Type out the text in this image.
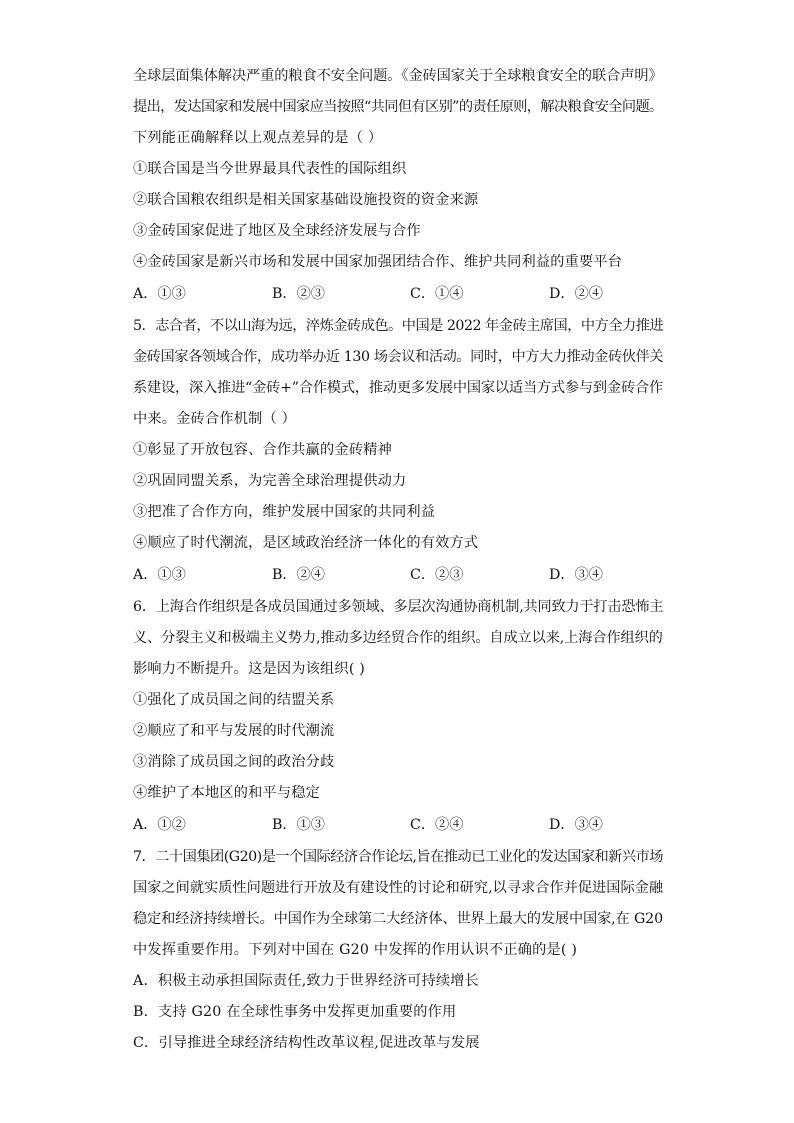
全球层面集体解决严重的粮食不安全问题。《金砖国家关于全球粮食安全的联合声明》
提出，发达国家和发展中国家应当按照“共同但有区别”的责任原则，解决粮食安全问题。
下列能正确解释以上观点差异的是（ ）
①联合国是当今世界最具代表性的国际组织
②联合国粮农组织是相关国家基础设施投资的资金来源
③金砖国家促进了地区及全球经济发展与合作
④金砖国家是新兴市场和发展中国家加强团结合作、维护共同利益的重要平台
A．①③	B．②③	C．①④	D．②④
5．志合者，不以山海为远，淬炼金砖成色。中国是 2022 年金砖主席国，中方全力推进
金砖国家各领域合作，成功举办近 130 场会议和活动。同时，中方大力推动金砖伙伴关
系建设，深入推进“金砖+”合作模式，推动更多发展中国家以适当方式参与到金砖合作
中来。金砖合作机制（ ）
①彰显了开放包容、合作共赢的金砖精神
②巩固同盟关系，为完善全球治理提供动力
③把准了合作方向，维护发展中国家的共同利益
④顺应了时代潮流，是区域政治经济一体化的有效方式
A．①③	B．②④	C．②③	D．③④
6．上海合作组织是各成员国通过多领域、多层次沟通协商机制,共同致力于打击恐怖主
义、分裂主义和极端主义势力,推动多边经贸合作的组织。自成立以来,上海合作组织的
影响力不断提升。这是因为该组织( )
①强化了成员国之间的结盟关系
②顺应了和平与发展的时代潮流
③消除了成员国之间的政治分歧
④维护了本地区的和平与稳定
A．①②	B．①③	C．②④	D．③④
7．二十国集团(G20)是一个国际经济合作论坛,旨在推动已工业化的发达国家和新兴市场
国家之间就实质性问题进行开放及有建设性的讨论和研究,以寻求合作并促进国际金融
稳定和经济持续增长。中国作为全球第二大经济体、世界上最大的发展中国家,在 G20
中发挥重要作用。下列对中国在 G20 中发挥的作用认识不正确的是( )
A．积极主动承担国际责任,致力于世界经济可持续增长
B．支持 G20 在全球性事务中发挥更加重要的作用
C．引导推进全球经济结构性改革议程,促进改革与发展
